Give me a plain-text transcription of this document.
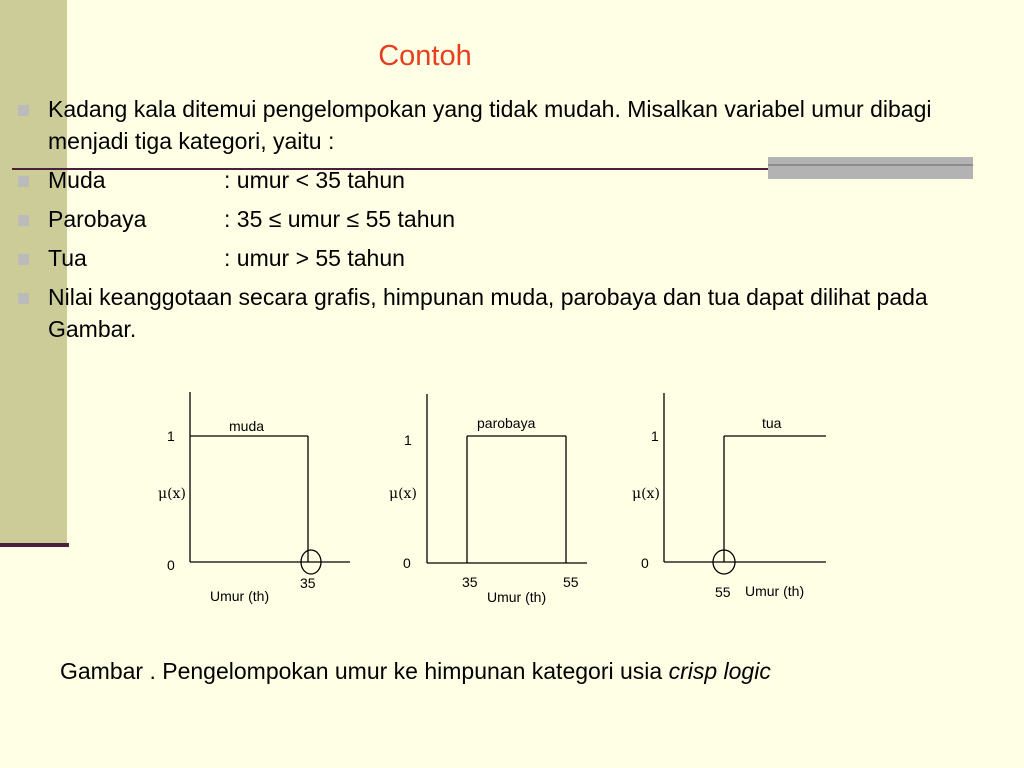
Contoh
Kadang kala ditemui pengelompokan yang tidak mudah. Misalkan variabel umur dibagi menjadi tiga kategori, yaitu :
Muda	: umur < 35 tahun
Parobaya	: 35 ≤ umur ≤ 55 tahun
Tua	: umur > 55 tahun
Nilai keanggotaan secara grafis, himpunan muda, parobaya dan tua dapat dilihat pada Gambar.
muda
1
μ(x)
0
35
Umur (th)
parobaya
1
μ(x)
0
35	55
Umur (th)
tua
1
μ(x)
0
55 Umur (th)
Gambar . Pengelompokan umur ke himpunan kategori usia crisp logic
